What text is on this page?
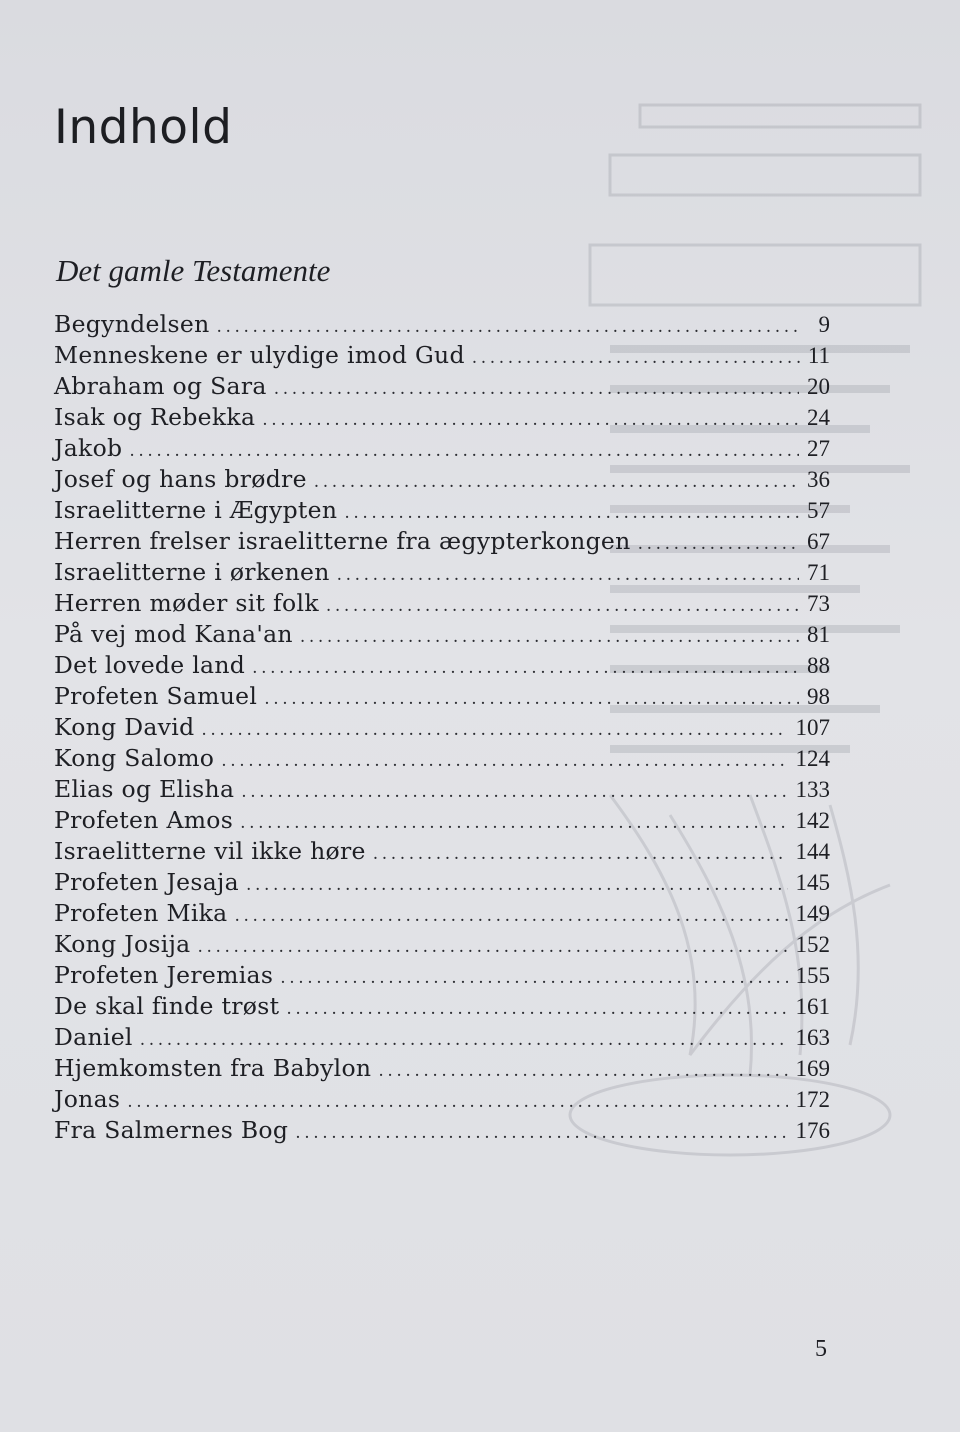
Indhold
Det gamle Testamente
Begyndelsen .....	9
Menneskene er ulydige imod Gud .....	11
Abraham og Sara .....	20
Isak og Rebekka .....	24
Jakob .....	27
Josef og hans brødre .....	36
Israelitterne i Ægypten .....	57
Herren frelser israelitterne fra ægypterkongen .....	67
Israelitterne i ørkenen .....	71
Herren møder sit folk .....	73
På vej mod Kana'an .....	81
Det lovede land .....	88
Profeten Samuel .....	98
Kong David .....	107
Kong Salomo .....	124
Elias og Elisha .....	133
Profeten Amos .....	142
Israelitterne vil ikke høre .....	144
Profeten Jesaja .....	145
Profeten Mika .....	149
Kong Josija .....	152
Profeten Jeremias .....	155
De skal finde trøst .....	161
Daniel .....	163
Hjemkomsten fra Babylon .....	169
Jonas .....	172
Fra Salmernes Bog .....	176
5
